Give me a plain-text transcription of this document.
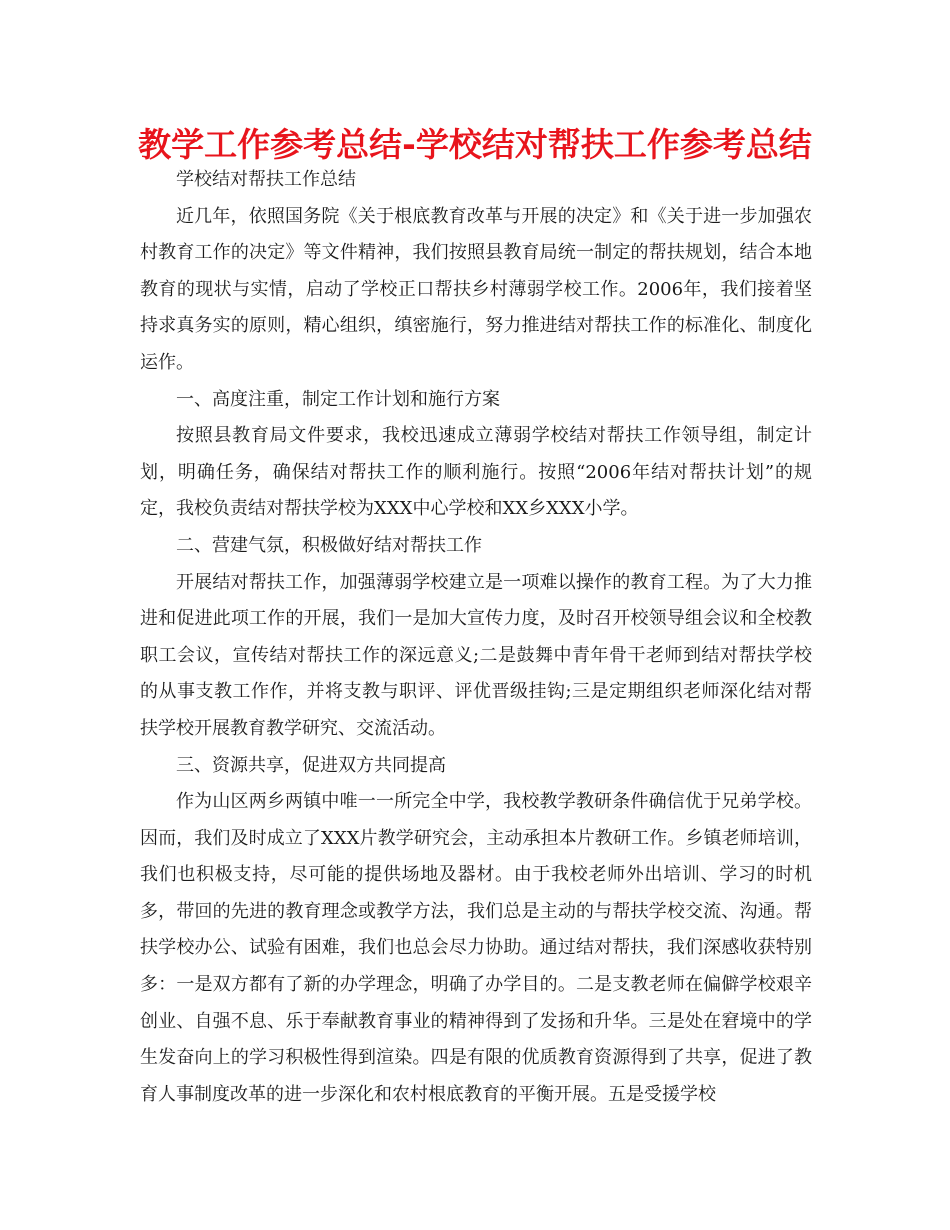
教学工作参考总结-学校结对帮扶工作参考总结

学校结对帮扶工作总结

近几年，依照国务院《关于根底教育改革与开展的决定》和《关于进一步加强农村教育工作的决定》等文件精神，我们按照县教育局统一制定的帮扶规划，结合本地教育的现状与实情，启动了学校正口帮扶乡村薄弱学校工作。2006年，我们接着坚持求真务实的原则，精心组织，缜密施行，努力推进结对帮扶工作的标准化、制度化运作。

一、高度注重，制定工作计划和施行方案

按照县教育局文件要求，我校迅速成立薄弱学校结对帮扶工作领导组，制定计划，明确任务，确保结对帮扶工作的顺利施行。按照“2006年结对帮扶计划”的规定，我校负责结对帮扶学校为XXX中心学校和XX乡XXX小学。

二、营建气氛，积极做好结对帮扶工作

开展结对帮扶工作，加强薄弱学校建立是一项难以操作的教育工程。为了大力推进和促进此项工作的开展，我们一是加大宣传力度，及时召开校领导组会议和全校教职工会议，宣传结对帮扶工作的深远意义;二是鼓舞中青年骨干老师到结对帮扶学校的从事支教工作作，并将支教与职评、评优晋级挂钩;三是定期组织老师深化结对帮扶学校开展教育教学研究、交流活动。

三、资源共享，促进双方共同提高

作为山区两乡两镇中唯一一所完全中学，我校教学教研条件确信优于兄弟学校。因而，我们及时成立了XXX片教学研究会，主动承担本片教研工作。乡镇老师培训，我们也积极支持，尽可能的提供场地及器材。由于我校老师外出培训、学习的时机多，带回的先进的教育理念或教学方法，我们总是主动的与帮扶学校交流、沟通。帮扶学校办公、试验有困难，我们也总会尽力协助。通过结对帮扶，我们深感收获特别多：一是双方都有了新的办学理念，明确了办学目的。二是支教老师在偏僻学校艰辛创业、自强不息、乐于奉献教育事业的精神得到了发扬和升华。三是处在窘境中的学生发奋向上的学习积极性得到渲染。四是有限的优质教育资源得到了共享，促进了教育人事制度改革的进一步深化和农村根底教育的平衡开展。五是受援学校
